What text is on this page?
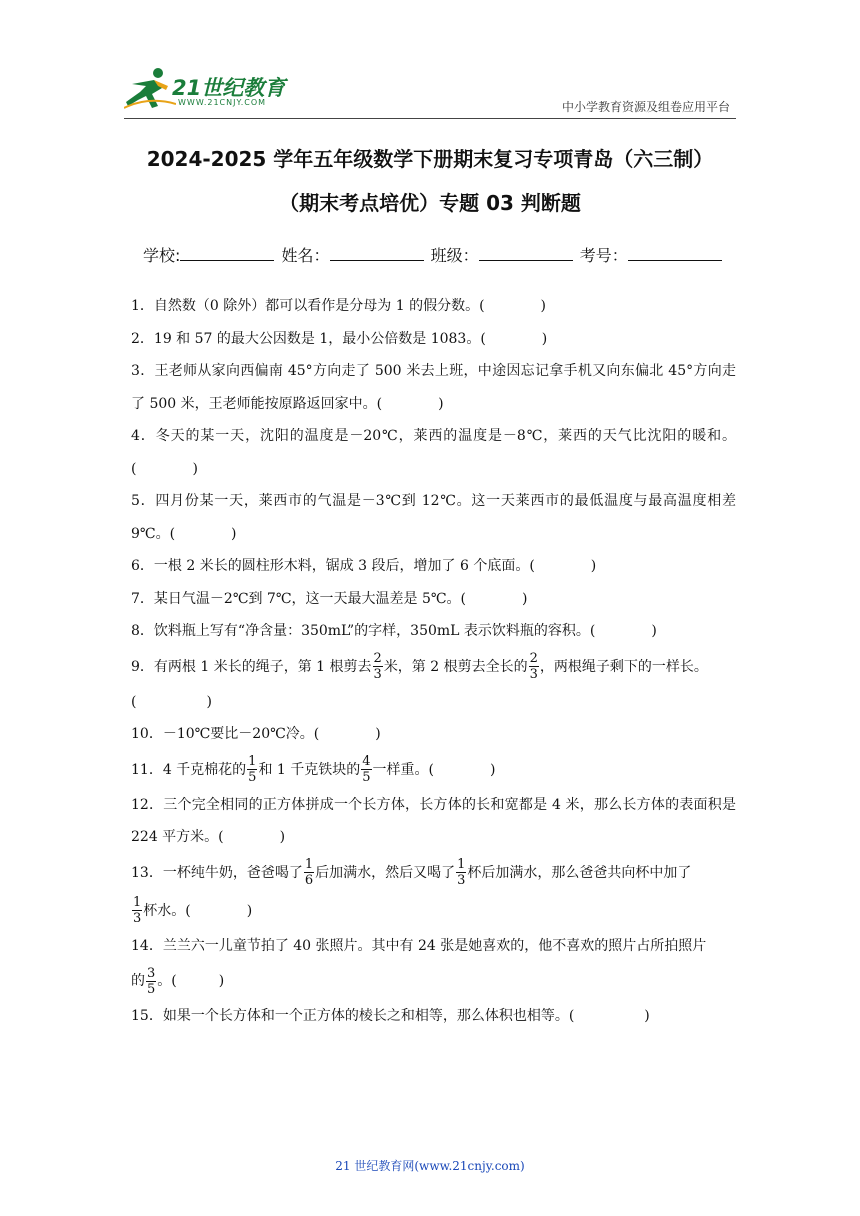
21世纪教育
WWW.21CNJY.COM	中小学教育资源及组卷应用平台
2024-2025 学年五年级数学下册期末复习专项青岛（六三制）
（期末考点培优）专题 03 判断题
学校:	姓名：	班级：	考号：
1．自然数（0 除外）都可以看作是分母为 1 的假分数。(　　　　)
2．19 和 57 的最大公因数是 1，最小公倍数是 1083。(　　　　)
3．王老师从家向西偏南 45°方向走了 500 米去上班，中途因忘记拿手机又向东偏北 45°方向走了 500 米，王老师能按原路返回家中。(　　　　)
4．冬天的某一天，沈阳的温度是－20℃，莱西的温度是－8℃，莱西的天气比沈阳的暖和。(　　　　)
5．四月份某一天，莱西市的气温是－3℃到 12℃。这一天莱西市的最低温度与最高温度相差 9℃。(　　　　)
6．一根 2 米长的圆柱形木料，锯成 3 段后，增加了 6 个底面。(　　　　)
7．某日气温－2℃到 7℃，这一天最大温差是 5℃。(　　　　)
8．饮料瓶上写有“净含量：350mL”的字样，350mL 表示饮料瓶的容积。(　　　　)
9．有两根 1 米长的绳子，第 1 根剪去 $\frac{2}{3}$ 米，第 2 根剪去全长的 $\frac{2}{3}$ ，两根绳子剩下的一样长。
(　　　　　)
10．－10℃要比－20℃冷。(　　　　)
11．4 千克棉花的 $\frac{1}{5}$ 和 1 千克铁块的 $\frac{4}{5}$ 一样重。(　　　　)
12．三个完全相同的正方体拼成一个长方体，长方体的长和宽都是 4 米，那么长方体的表面积是 224 平方米。(　　　　)
13．一杯纯牛奶，爸爸喝了 $\frac{1}{6}$ 后加满水，然后又喝了 $\frac{1}{3}$ 杯后加满水，那么爸爸共向杯中加了
$\frac{1}{3}$ 杯水。(　　　　)
14．兰兰六一儿童节拍了 40 张照片。其中有 24 张是她喜欢的，他不喜欢的照片占所拍照片
的 $\frac{3}{5}$ 。(　　　)
15．如果一个长方体和一个正方体的棱长之和相等，那么体积也相等。(　　　　　)
21 世纪教育网(www.21cnjy.com)
